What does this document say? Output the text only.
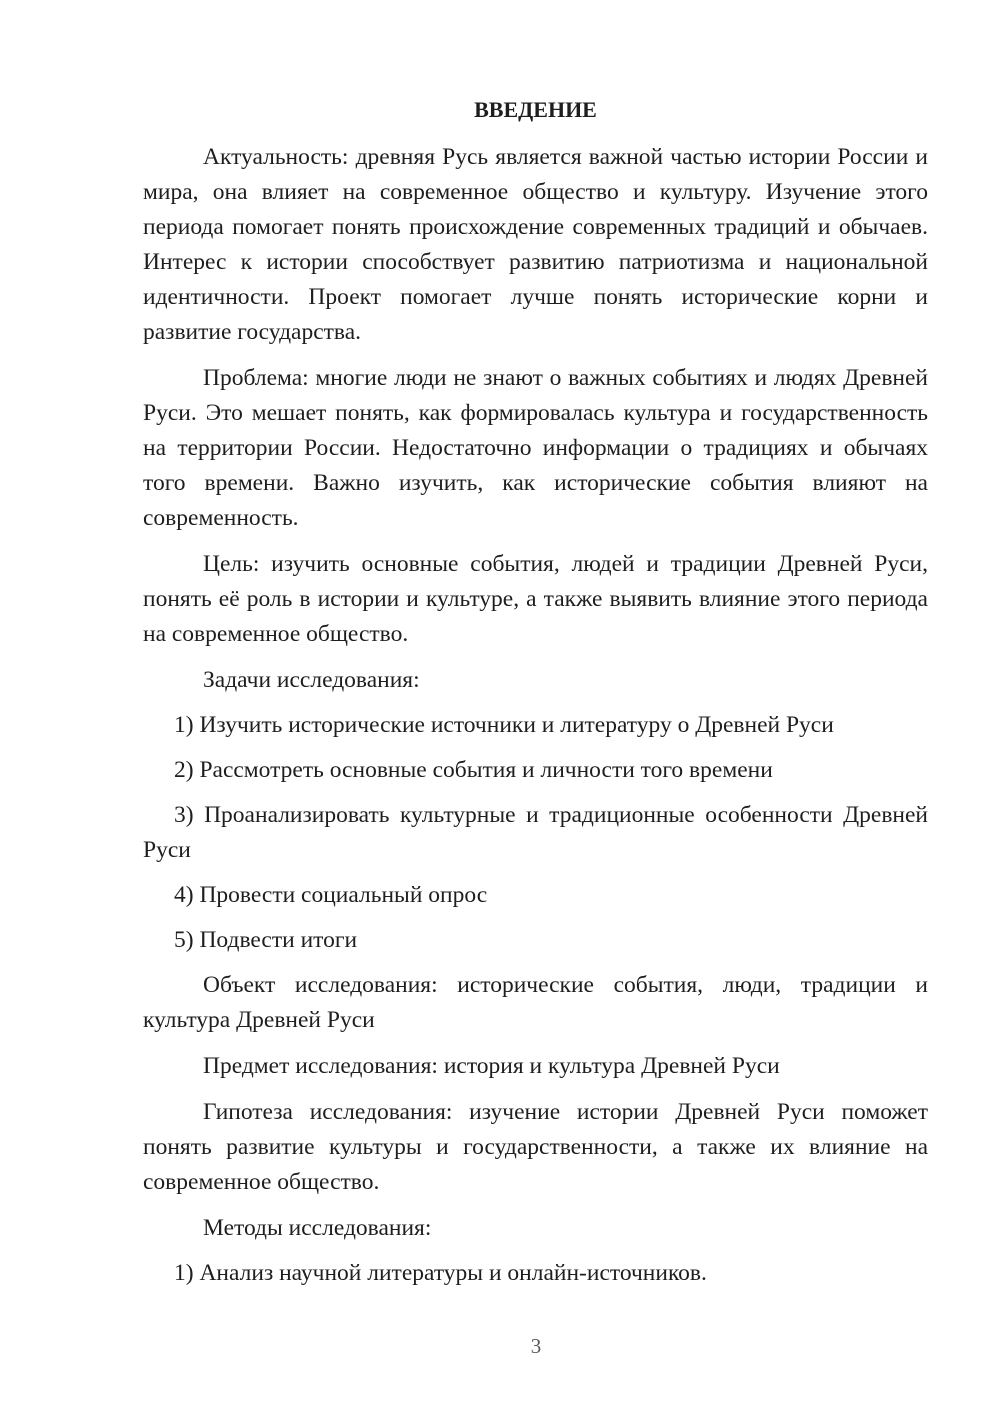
ВВЕДЕНИЕ

Актуальность: древняя Русь является важной частью истории России и мира, она влияет на современное общество и культуру. Изучение этого периода помогает понять происхождение современных традиций и обычаев. Интерес к истории способствует развитию патриотизма и национальной идентичности. Проект помогает лучше понять исторические корни и развитие государства.

Проблема: многие люди не знают о важных событиях и людях Древней Руси. Это мешает понять, как формировалась культура и государственность на территории России. Недостаточно информации о традициях и обычаях того времени. Важно изучить, как исторические события влияют на современность.

Цель: изучить основные события, людей и традиции Древней Руси, понять её роль в истории и культуре, а также выявить влияние этого периода на современное общество.

Задачи исследования:

1) Изучить исторические источники и литературу о Древней Руси

2) Рассмотреть основные события и личности того времени

3) Проанализировать культурные и традиционные особенности Древней Руси

4) Провести социальный опрос

5) Подвести итоги

Объект исследования: исторические события, люди, традиции и культура Древней Руси

Предмет исследования: история и культура Древней Руси

Гипотеза исследования: изучение истории Древней Руси поможет понять развитие культуры и государственности, а также их влияние на современное общество.

Методы исследования:

1) Анализ научной литературы и онлайн-источников.

3
